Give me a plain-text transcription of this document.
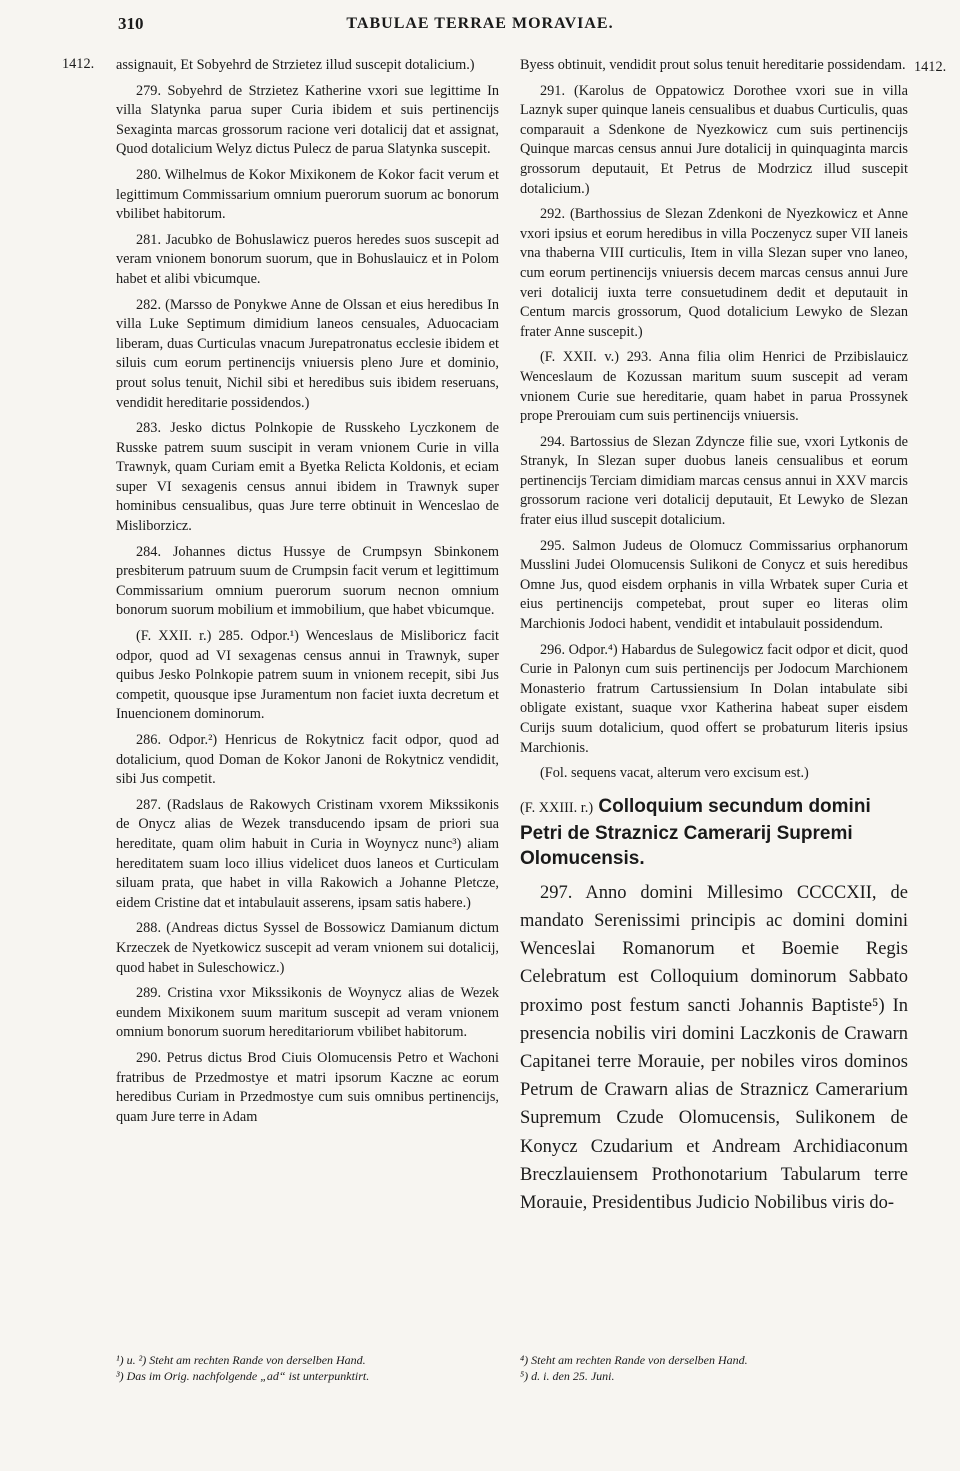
310	TABULAE TERRAE MORAVIAE.
1412.	1412.

assignauit, Et Sobyehrd de Strzietez illud suscepit dotalicium.)

279. Sobyehrd de Strzietez Katherine vxori sue legittime In villa Slatynka parua super Curia ibidem et suis pertinencijs Sexaginta marcas grossorum racione veri dotalicij dat et assignat, Quod dotalicium Welyz dictus Pulecz de parua Slatynka suscepit.

280. Wilhelmus de Kokor Mixikonem de Kokor facit verum et legittimum Commissarium omnium puerorum suorum ac bonorum vbilibet habitorum.

281. Jacubko de Bohuslawicz pueros heredes suos suscepit ad veram vnionem bonorum suorum, que in Bohuslauicz et in Polom habet et alibi vbicumque.

282. (Marsso de Ponykwe Anne de Olssan et eius heredibus In villa Luke Septimum dimidium laneos censuales, Aduocaciam liberam, duas Curticulas vnacum Jurepatronatus ecclesie ibidem et siluis cum eorum pertinencijs vniuersis pleno Jure et dominio, prout solus tenuit, Nichil sibi et heredibus suis ibidem reseruans, vendidit hereditarie possidendos.)

283. Jesko dictus Polnkopie de Russkeho Lyczkonem de Russke patrem suum suscipit in veram vnionem Curie in villa Trawnyk, quam Curiam emit a Byetka Relicta Koldonis, et eciam super VI sexagenis census annui ibidem in Trawnyk super hominibus censualibus, quas Jure terre obtinuit in Wenceslao de Misliborzicz.

284. Johannes dictus Hussye de Crumpsyn Sbinkonem presbiterum patruum suum de Crumpsin facit verum et legittimum Commissarium omnium puerorum suorum necnon omnium bonorum suorum mobilium et immobilium, que habet vbicumque.

(F. XXII. r.) 285. Odpor.¹) Wenceslaus de Misliboricz facit odpor, quod ad VI sexagenas census annui in Trawnyk, super quibus Jesko Polnkopie patrem suum in vnionem recepit, sibi Jus competit, quousque ipse Juramentum non faciet iuxta decretum et Inuencionem dominorum.

286. Odpor.²) Henricus de Rokytnicz facit odpor, quod ad dotalicium, quod Doman de Kokor Janoni de Rokytnicz vendidit, sibi Jus competit.

287. (Radslaus de Rakowych Cristinam vxorem Mikssikonis de Onycz alias de Wezek transducendo ipsam de priori sua hereditate, quam olim habuit in Curia in Woynycz nunc³) aliam hereditatem suam loco illius videlicet duos laneos et Curticulam siluam prata, que habet in villa Rakowich a Johanne Pletcze, eidem Cristine dat et intabulauit asserens, ipsam satis habere.)

288. (Andreas dictus Syssel de Bossowicz Damianum dictum Krzeczek de Nyetkowicz suscepit ad veram vnionem sui dotalicij, quod habet in Suleschowicz.)

289. Cristina vxor Mikssikonis de Woynycz alias de Wezek eundem Mixikonem suum maritum suscepit ad veram vnionem omnium bonorum suorum hereditariorum vbilibet habitorum.

290. Petrus dictus Brod Ciuis Olomucensis Petro et Wachoni fratribus de Przedmostye et matri ipsorum Kaczne ac eorum heredibus Curiam in Przedmostye cum suis omnibus pertinencijs, quam Jure terre in Adam

Byess obtinuit, vendidit prout solus tenuit hereditarie possidendam.

291. (Karolus de Oppatowicz Dorothee vxori sue in villa Laznyk super quinque laneis censualibus et duabus Curticulis, quas comparauit a Sdenkone de Nyezkowicz cum suis pertinencijs Quinque marcas census annui Jure dotalicij in quinquaginta marcis grossorum deputauit, Et Petrus de Modrzicz illud suscepit dotalicium.)

292. (Barthossius de Slezan Zdenkoni de Nyezkowicz et Anne vxori ipsius et eorum heredibus in villa Poczenycz super VII laneis vna thaberna VIII curticulis, Item in villa Slezan super vno laneo, cum eorum pertinencijs vniuersis decem marcas census annui Jure veri dotalicij iuxta terre consuetudinem dedit et deputauit in Centum marcis grossorum, Quod dotalicium Lewyko de Slezan frater Anne suscepit.)

(F. XXII. v.) 293. Anna filia olim Henrici de Przibislauicz Wenceslaum de Kozussan maritum suum suscepit ad veram vnionem Curie sue hereditarie, quam habet in parua Prossynek prope Prerouiam cum suis pertinencijs vniuersis.

294. Bartossius de Slezan Zdyncze filie sue, vxori Lytkonis de Stranyk, In Slezan super duobus laneis censualibus et eorum pertinencijs Terciam dimidiam marcas census annui in XXV marcis grossorum racione veri dotalicij deputauit, Et Lewyko de Slezan frater eius illud suscepit dotalicium.

295. Salmon Judeus de Olomucz Commissarius orphanorum Musslini Judei Olomucensis Sulikoni de Conycz et suis heredibus Omne Jus, quod eisdem orphanis in villa Wrbatek super Curia et eius pertinencijs competebat, prout super eo literas olim Marchionis Jodoci habent, vendidit et intabulauit possidendum.

296. Odpor.⁴) Habardus de Sulegowicz facit odpor et dicit, quod Curie in Palonyn cum suis pertinencijs per Jodocum Marchionem Monasterio fratrum Cartussiensium In Dolan intabulate sibi obligate existant, suaque vxor Katherina habeat super eisdem Curijs suum dotalicium, quod offert se probaturum literis ipsius Marchionis.

(Fol. sequens vacat, alterum vero excisum est.)

(F. XXIII. r.) Colloquium secundum domini Petri de Straznicz Camerarij Supremi Olomucensis.

297. Anno domini Millesimo CCCCXII, de mandato Serenissimi principis ac domini domini Wenceslai Romanorum et Boemie Regis Celebratum est Colloquium dominorum Sabbato proximo post festum sancti Johannis Baptiste⁵) In presencia nobilis viri domini Laczkonis de Crawarn Capitanei terre Morauie, per nobiles viros dominos Petrum de Crawarn alias de Straznicz Camerarium Supremum Czude Olomucensis, Sulikonem de Konycz Czudarium et Andream Archidiaconum Breczlauiensem Prothonotarium Tabularum terre Morauie, Presidentibus Judicio Nobilibus viris do-

¹) u. ²) Steht am rechten Rande von derselben Hand.
³) Das im Orig. nachfolgende „ad“ ist unterpunktirt.
⁴) Steht am rechten Rande von derselben Hand.
⁵) d. i. den 25. Juni.
